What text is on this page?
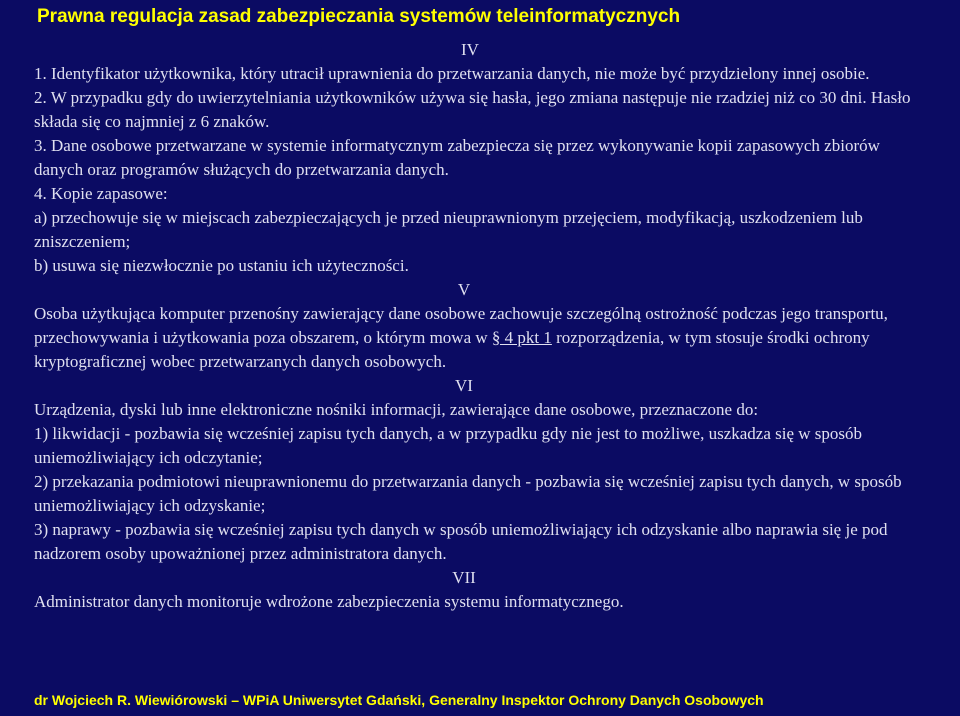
Prawna regulacja zasad zabezpieczania systemów teleinformatycznych

IV

1. Identyfikator użytkownika, który utracił uprawnienia do przetwarzania danych, nie może być przydzielony innej osobie.

2. W przypadku gdy do uwierzytelniania użytkowników używa się hasła, jego zmiana następuje nie rzadziej niż co 30 dni. Hasło składa się co najmniej z 6 znaków.

3. Dane osobowe przetwarzane w systemie informatycznym zabezpiecza się przez wykonywanie kopii zapasowych zbiorów danych oraz programów służących do przetwarzania danych.

4. Kopie zapasowe:

a) przechowuje się w miejscach zabezpieczających je przed nieuprawnionym przejęciem, modyfikacją, uszkodzeniem lub zniszczeniem;

b) usuwa się niezwłocznie po ustaniu ich użyteczności.

V

Osoba użytkująca komputer przenośny zawierający dane osobowe zachowuje szczególną ostrożność podczas jego transportu, przechowywania i użytkowania poza obszarem, o którym mowa w § 4 pkt 1 rozporządzenia, w tym stosuje środki ochrony kryptograficznej wobec przetwarzanych danych osobowych.

VI

Urządzenia, dyski lub inne elektroniczne nośniki informacji, zawierające dane osobowe, przeznaczone do:

1) likwidacji - pozbawia się wcześniej zapisu tych danych, a w przypadku gdy nie jest to możliwe, uszkadza się w sposób uniemożliwiający ich odczytanie;

2) przekazania podmiotowi nieuprawnionemu do przetwarzania danych - pozbawia się wcześniej zapisu tych danych, w sposób uniemożliwiający ich odzyskanie;

3) naprawy - pozbawia się wcześniej zapisu tych danych w sposób uniemożliwiający ich odzyskanie albo naprawia się je pod nadzorem osoby upoważnionej przez administratora danych.

VII

Administrator danych monitoruje wdrożone zabezpieczenia systemu informatycznego.

dr Wojciech R. Wiewiórowski – WPiA Uniwersytet Gdański, Generalny Inspektor Ochrony Danych Osobowych
